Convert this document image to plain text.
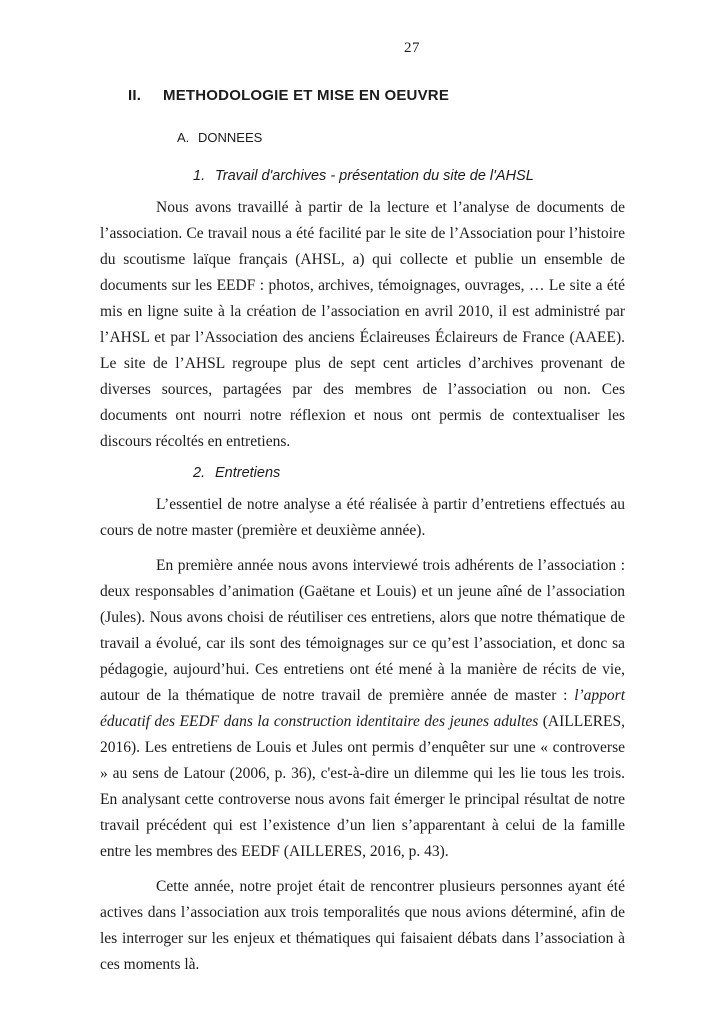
27
II. METHODOLOGIE ET MISE EN OEUVRE
A. DONNEES
1. Travail d'archives - présentation du site de l'AHSL

Nous avons travaillé à partir de la lecture et l’analyse de documents de l’association. Ce travail nous a été facilité par le site de l’Association pour l’histoire du scoutisme laïque français (AHSL, a) qui collecte et publie un ensemble de documents sur les EEDF : photos, archives, témoignages, ouvrages, … Le site a été mis en ligne suite à la création de l’association en avril 2010, il est administré par l’AHSL et par l’Association des anciens Éclaireuses Éclaireurs de France (AAEE). Le site de l’AHSL regroupe plus de sept cent articles d’archives provenant de diverses sources, partagées par des membres de l’association ou non. Ces documents ont nourri notre réflexion et nous ont permis de contextualiser les discours récoltés en entretiens.

2. Entretiens

L’essentiel de notre analyse a été réalisée à partir d’entretiens effectués au cours de notre master (première et deuxième année).

En première année nous avons interviewé trois adhérents de l’association : deux responsables d’animation (Gaëtane et Louis) et un jeune aîné de l’association (Jules). Nous avons choisi de réutiliser ces entretiens, alors que notre thématique de travail a évolué, car ils sont des témoignages sur ce qu’est l’association, et donc sa pédagogie, aujourd’hui. Ces entretiens ont été mené à la manière de récits de vie, autour de la thématique de notre travail de première année de master : l’apport éducatif des EEDF dans la construction identitaire des jeunes adultes (AILLERES, 2016). Les entretiens de Louis et Jules ont permis d’enquêter sur une « controverse » au sens de Latour (2006, p. 36), c'est-à-dire un dilemme qui les lie tous les trois. En analysant cette controverse nous avons fait émerger le principal résultat de notre travail précédent qui est l’existence d’un lien s’apparentant à celui de la famille entre les membres des EEDF (AILLERES, 2016, p. 43).

Cette année, notre projet était de rencontrer plusieurs personnes ayant été actives dans l’association aux trois temporalités que nous avions déterminé, afin de les interroger sur les enjeux et thématiques qui faisaient débats dans l’association à ces moments là.
